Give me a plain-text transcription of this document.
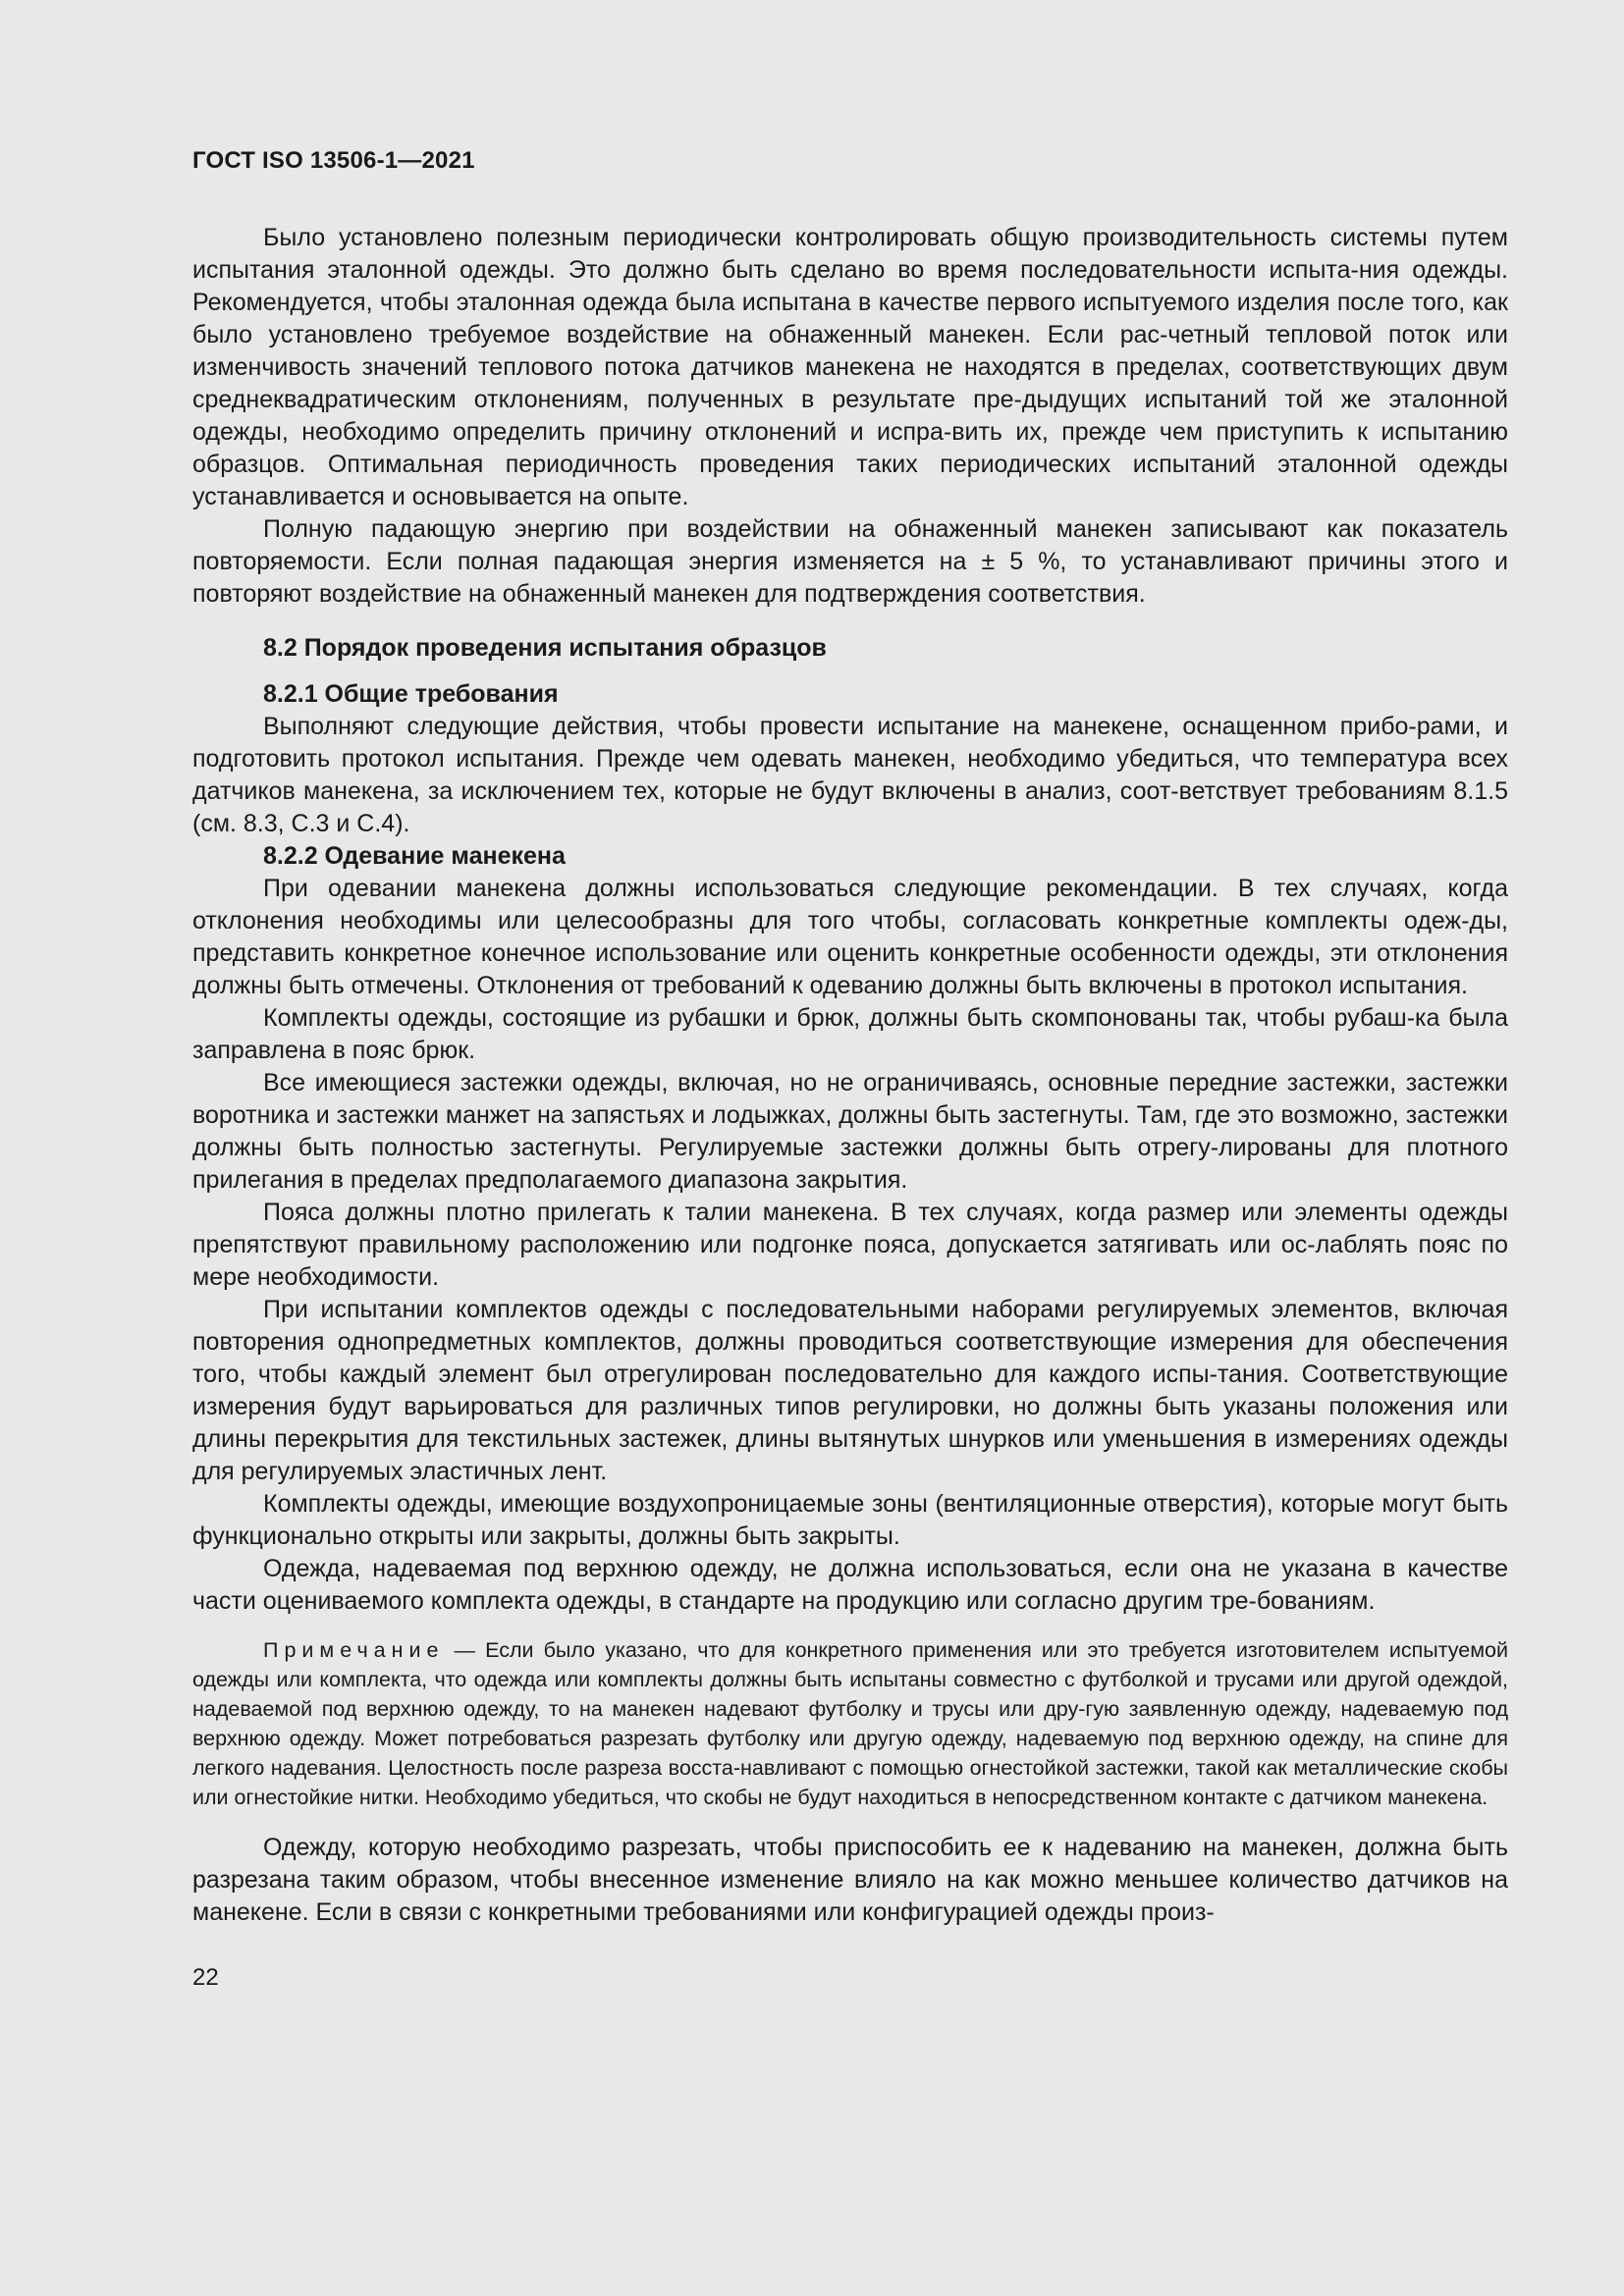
ГОСТ ISO 13506-1—2021

Было установлено полезным периодически контролировать общую производительность системы путем испытания эталонной одежды. Это должно быть сделано во время последовательности испыта-ния одежды. Рекомендуется, чтобы эталонная одежда была испытана в качестве первого испытуемого изделия после того, как было установлено требуемое воздействие на обнаженный манекен. Если рас-четный тепловой поток или изменчивость значений теплового потока датчиков манекена не находятся в пределах, соответствующих двум среднеквадратическим отклонениям, полученных в результате пре-дыдущих испытаний той же эталонной одежды, необходимо определить причину отклонений и испра-вить их, прежде чем приступить к испытанию образцов. Оптимальная периодичность проведения таких периодических испытаний эталонной одежды устанавливается и основывается на опыте.

Полную падающую энергию при воздействии на обнаженный манекен записывают как показатель повторяемости. Если полная падающая энергия изменяется на ± 5 %, то устанавливают причины этого и повторяют воздействие на обнаженный манекен для подтверждения соответствия.

8.2 Порядок проведения испытания образцов
8.2.1 Общие требования

Выполняют следующие действия, чтобы провести испытание на манекене, оснащенном прибо-рами, и подготовить протокол испытания. Прежде чем одевать манекен, необходимо убедиться, что температура всех датчиков манекена, за исключением тех, которые не будут включены в анализ, соот-ветствует требованиям 8.1.5 (см. 8.3, С.3 и С.4).

8.2.2 Одевание манекена

При одевании манекена должны использоваться следующие рекомендации. В тех случаях, когда отклонения необходимы или целесообразны для того чтобы, согласовать конкретные комплекты одеж-ды, представить конкретное конечное использование или оценить конкретные особенности одежды, эти отклонения должны быть отмечены. Отклонения от требований к одеванию должны быть включены в протокол испытания.

Комплекты одежды, состоящие из рубашки и брюк, должны быть скомпонованы так, чтобы рубаш-ка была заправлена в пояс брюк.

Все имеющиеся застежки одежды, включая, но не ограничиваясь, основные передние застежки, застежки воротника и застежки манжет на запястьях и лодыжках, должны быть застегнуты. Там, где это возможно, застежки должны быть полностью застегнуты. Регулируемые застежки должны быть отрегу-лированы для плотного прилегания в пределах предполагаемого диапазона закрытия.

Пояса должны плотно прилегать к талии манекена. В тех случаях, когда размер или элементы одежды препятствуют правильному расположению или подгонке пояса, допускается затягивать или ос-лаблять пояс по мере необходимости.

При испытании комплектов одежды с последовательными наборами регулируемых элементов, включая повторения однопредметных комплектов, должны проводиться соответствующие измерения для обеспечения того, чтобы каждый элемент был отрегулирован последовательно для каждого испы-тания. Соответствующие измерения будут варьироваться для различных типов регулировки, но должны быть указаны положения или длины перекрытия для текстильных застежек, длины вытянутых шнурков или уменьшения в измерениях одежды для регулируемых эластичных лент.

Комплекты одежды, имеющие воздухопроницаемые зоны (вентиляционные отверстия), которые могут быть функционально открыты или закрыты, должны быть закрыты.

Одежда, надеваемая под верхнюю одежду, не должна использоваться, если она не указана в качестве части оцениваемого комплекта одежды, в стандарте на продукцию или согласно другим тре-бованиям.

Примечание — Если было указано, что для конкретного применения или это требуется изготовителем испытуемой одежды или комплекта, что одежда или комплекты должны быть испытаны совместно с футболкой и трусами или другой одеждой, надеваемой под верхнюю одежду, то на манекен надевают футболку и трусы или дру-гую заявленную одежду, надеваемую под верхнюю одежду. Может потребоваться разрезать футболку или другую одежду, надеваемую под верхнюю одежду, на спине для легкого надевания. Целостность после разреза восста-навливают с помощью огнестойкой застежки, такой как металлические скобы или огнестойкие нитки. Необходимо убедиться, что скобы не будут находиться в непосредственном контакте с датчиком манекена.

Одежду, которую необходимо разрезать, чтобы приспособить ее к надеванию на манекен, должна быть разрезана таким образом, чтобы внесенное изменение влияло на как можно меньшее количество датчиков на манекене. Если в связи с конкретными требованиями или конфигурацией одежды произ-

22
